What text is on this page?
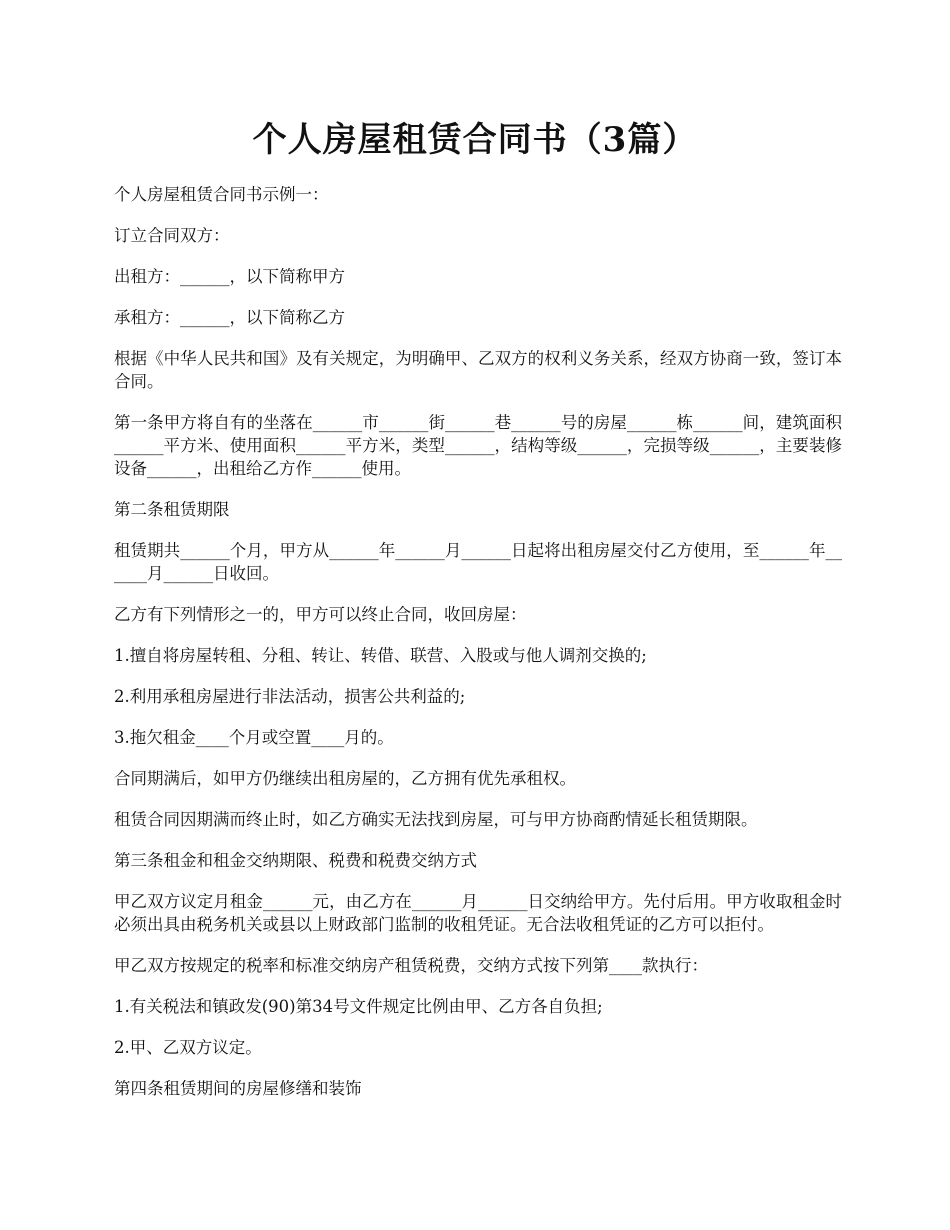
个人房屋租赁合同书（3篇）

个人房屋租赁合同书示例一：

订立合同双方：

出租方：______，以下简称甲方

承租方：______，以下简称乙方

根据《中华人民共和国》及有关规定，为明确甲、乙双方的权利义务关系，经双方协商一致，签订本合同。

第一条甲方将自有的坐落在______市______街______巷______号的房屋______栋______间，建筑面积______平方米、使用面积______平方米，类型______，结构等级______，完损等级______，主要装修设备______，出租给乙方作______使用。

第二条租赁期限

租赁期共______个月，甲方从______年______月______日起将出租房屋交付乙方使用，至______年______月______日收回。

乙方有下列情形之一的，甲方可以终止合同，收回房屋：

1.擅自将房屋转租、分租、转让、转借、联营、入股或与他人调剂交换的;

2.利用承租房屋进行非法活动，损害公共利益的;

3.拖欠租金____个月或空置____月的。

合同期满后，如甲方仍继续出租房屋的，乙方拥有优先承租权。

租赁合同因期满而终止时，如乙方确实无法找到房屋，可与甲方协商酌情延长租赁期限。

第三条租金和租金交纳期限、税费和税费交纳方式

甲乙双方议定月租金______元，由乙方在______月______日交纳给甲方。先付后用。甲方收取租金时必须出具由税务机关或县以上财政部门监制的收租凭证。无合法收租凭证的乙方可以拒付。

甲乙双方按规定的税率和标准交纳房产租赁税费，交纳方式按下列第____款执行：

1.有关税法和镇政发(90)第34号文件规定比例由甲、乙方各自负担;

2.甲、乙双方议定。

第四条租赁期间的房屋修缮和装饰
